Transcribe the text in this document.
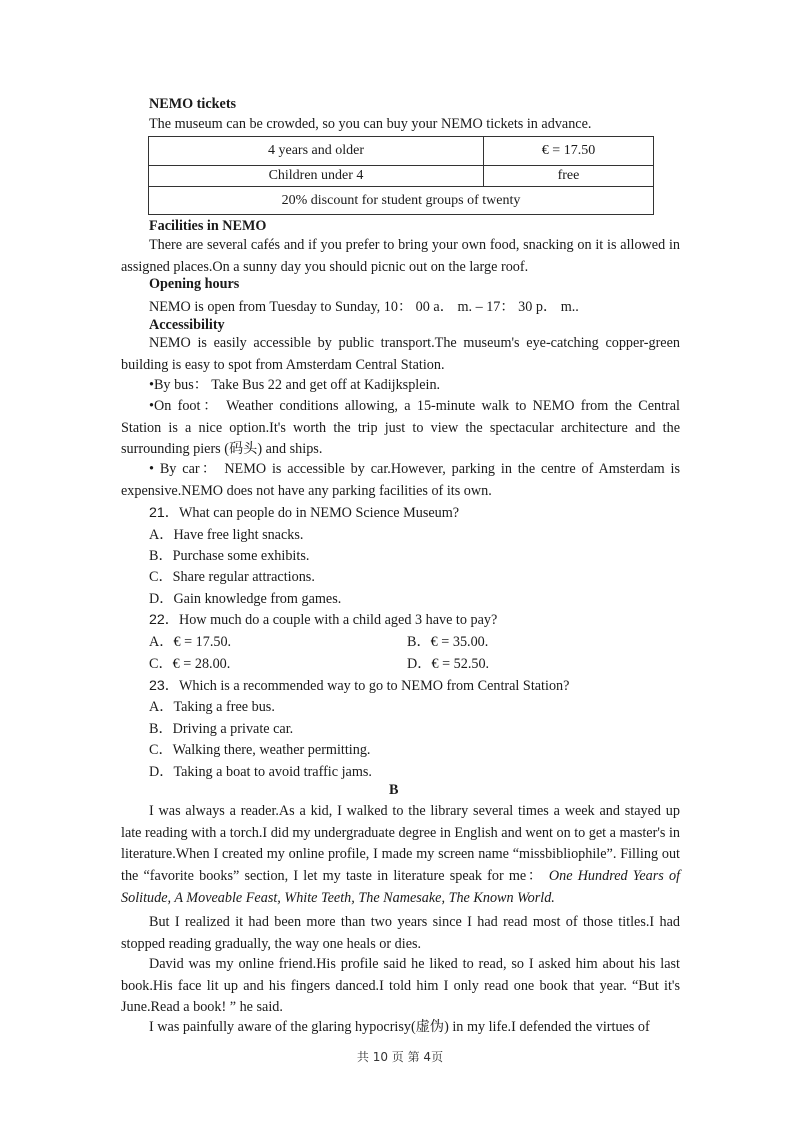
NEMO tickets
The museum can be crowded, so you can buy your NEMO tickets in advance.
4 years and older	€ = 17.50
Children under 4	free
20% discount for student groups of twenty	
Facilities in NEMO
There are several cafés and if you prefer to bring your own food, snacking on it is allowed in assigned places.On a sunny day you should picnic out on the large roof.
Opening hours
NEMO is open from Tuesday to Sunday, 10： 00 a． m. – 17： 30 p． m..
Accessibility
NEMO is easily accessible by public transport.The museum's eye-catching copper-green building is easy to spot from Amsterdam Central Station.
•By bus： Take Bus 22 and get off at Kadijksplein.
•On foot： Weather conditions allowing, a 15-minute walk to NEMO from the Central Station is a nice option.It's worth the trip just to view the spectacular architecture and the surrounding piers (码头) and ships.
• By car： NEMO is accessible by car.However, parking in the centre of Amsterdam is expensive.NEMO does not have any parking facilities of its own.
21．What can people do in NEMO Science Museum?
A．Have free light snacks.
B．Purchase some exhibits.
C．Share regular attractions.
D．Gain knowledge from games.
22．How much do a couple with a child aged 3 have to pay?
A．€ = 17.50.	B．€ = 35.00.
C．€ = 28.00.	D．€ = 52.50.
23．Which is a recommended way to go to NEMO from Central Station?
A．Taking a free bus.
B．Driving a private car.
C．Walking there, weather permitting.
D．Taking a boat to avoid traffic jams.
B
I was always a reader.As a kid, I walked to the library several times a week and stayed up late reading with a torch.I did my undergraduate degree in English and went on to get a master's in literature.When I created my online profile, I made my screen name “missbibliophile”. Filling out the “favorite books” section, I let my taste in literature speak for me： One Hundred Years of Solitude, A Moveable Feast, White Teeth, The Namesake, The Known World.
But I realized it had been more than two years since I had read most of those titles.I had stopped reading gradually, the way one heals or dies.
David was my online friend.His profile said he liked to read, so I asked him about his last book.His face lit up and his fingers danced.I told him I only read one book that year. “But it's June.Read a book! ” he said.
I was painfully aware of the glaring hypocrisy(虚伪) in my life.I defended the virtues of
共 10 页 第 4页
